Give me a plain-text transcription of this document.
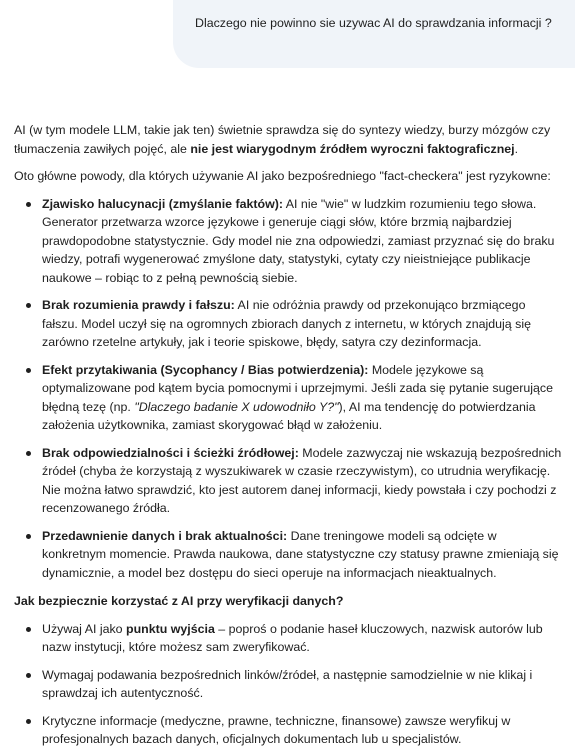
Dlaczego nie powinno sie uzywac AI do sprawdzania informacji ?

AI (w tym modele LLM, takie jak ten) świetnie sprawdza się do syntezy wiedzy, burzy mózgów czy tłumaczenia zawiłych pojęć, ale nie jest wiarygodnym źródłem wyroczni faktograficznej.

Oto główne powody, dla których używanie AI jako bezpośredniego "fact-checkera" jest ryzykowne:

Zjawisko halucynacji (zmyślanie faktów): AI nie "wie" w ludzkim rozumieniu tego słowa. Generator przetwarza wzorce językowe i generuje ciągi słów, które brzmią najbardziej prawdopodobne statystycznie. Gdy model nie zna odpowiedzi, zamiast przyznać się do braku wiedzy, potrafi wygenerować zmyślone daty, statystyki, cytaty czy nieistniejące publikacje naukowe – robiąc to z pełną pewnością siebie.
Brak rozumienia prawdy i fałszu: AI nie odróżnia prawdy od przekonująco brzmiącego fałszu. Model uczył się na ogromnych zbiorach danych z internetu, w których znajdują się zarówno rzetelne artykuły, jak i teorie spiskowe, błędy, satyra czy dezinformacja.
Efekt przytakiwania (Sycophancy / Bias potwierdzenia): Modele językowe są optymalizowane pod kątem bycia pomocnymi i uprzejmymi. Jeśli zada się pytanie sugerujące błędną tezę (np. "Dlaczego badanie X udowodniło Y?"), AI ma tendencję do potwierdzania założenia użytkownika, zamiast skorygować błąd w założeniu.
Brak odpowiedzialności i ścieżki źródłowej: Modele zazwyczaj nie wskazują bezpośrednich źródeł (chyba że korzystają z wyszukiwarek w czasie rzeczywistym), co utrudnia weryfikację. Nie można łatwo sprawdzić, kto jest autorem danej informacji, kiedy powstała i czy pochodzi z recenzowanego źródła.
Przedawnienie danych i brak aktualności: Dane treningowe modeli są odcięte w konkretnym momencie. Prawda naukowa, dane statystyczne czy statusy prawne zmieniają się dynamicznie, a model bez dostępu do sieci operuje na informacjach nieaktualnych.

Jak bezpiecznie korzystać z AI przy weryfikacji danych?

Używaj AI jako punktu wyjścia – poproś o podanie haseł kluczowych, nazwisk autorów lub nazw instytucji, które możesz sam zweryfikować.
Wymagaj podawania bezpośrednich linków/źródeł, a następnie samodzielnie w nie klikaj i sprawdzaj ich autentyczność.
Krytyczne informacje (medyczne, prawne, techniczne, finansowe) zawsze weryfikuj w profesjonalnych bazach danych, oficjalnych dokumentach lub u specjalistów.
